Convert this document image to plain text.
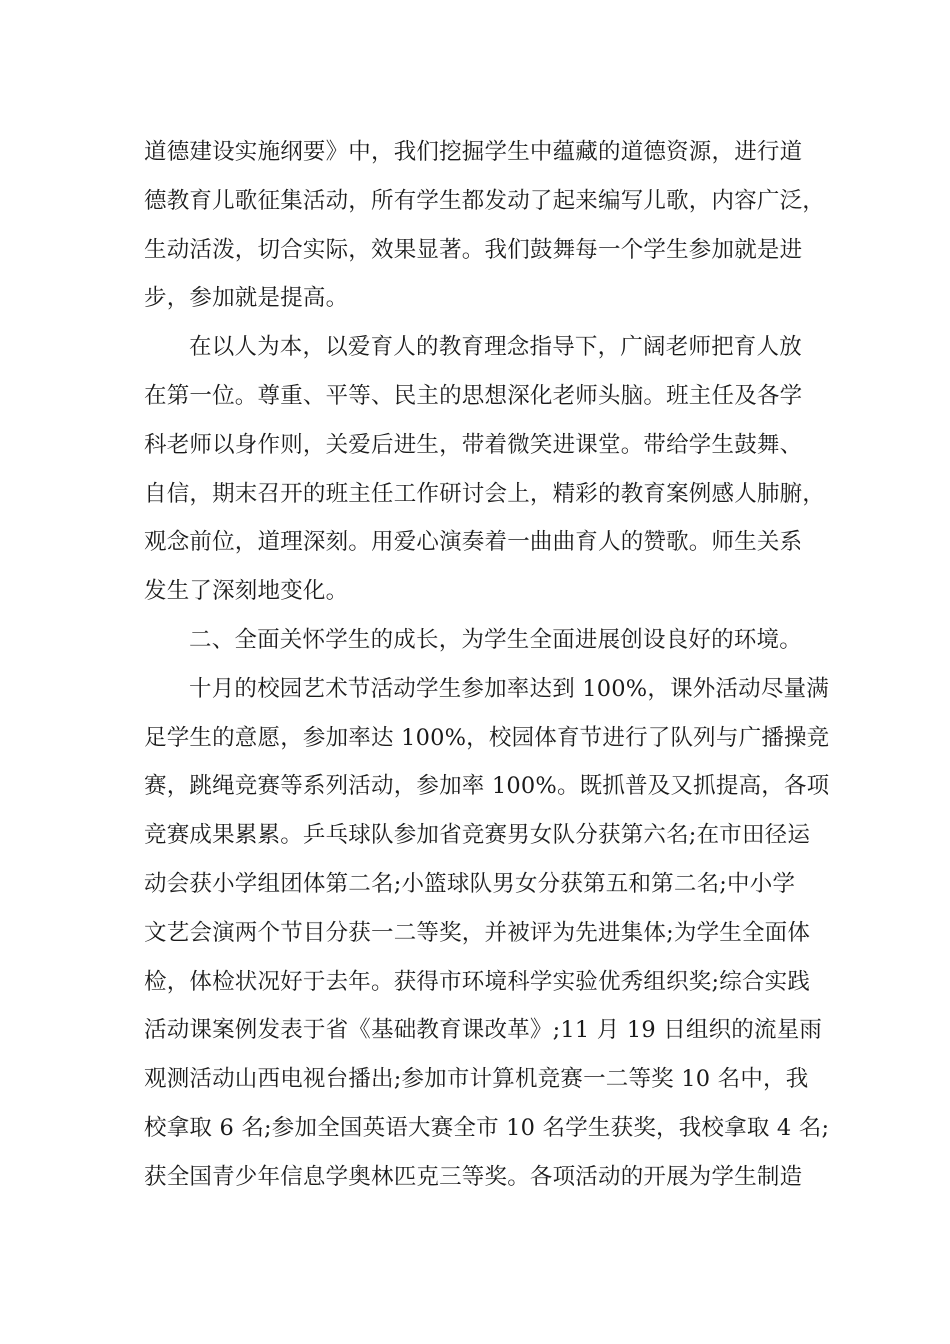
道德建设实施纲要》中，我们挖掘学生中蕴藏的道德资源，进行道
德教育儿歌征集活动，所有学生都发动了起来编写儿歌，内容广泛，
生动活泼，切合实际，效果显著。我们鼓舞每一个学生参加就是进
步，参加就是提高。
在以人为本，以爱育人的教育理念指导下，广阔老师把育人放
在第一位。尊重、平等、民主的思想深化老师头脑。班主任及各学
科老师以身作则，关爱后进生，带着微笑进课堂。带给学生鼓舞、
自信，期末召开的班主任工作研讨会上，精彩的教育案例感人肺腑，
观念前位，道理深刻。用爱心演奏着一曲曲育人的赞歌。师生关系
发生了深刻地变化。
二、全面关怀学生的成长，为学生全面进展创设良好的环境。
十月的校园艺术节活动学生参加率达到 100%，课外活动尽量满
足学生的意愿，参加率达 100%，校园体育节进行了队列与广播操竞
赛，跳绳竞赛等系列活动，参加率 100%。既抓普及又抓提高，各项
竞赛成果累累。乒乓球队参加省竞赛男女队分获第六名;在市田径运
动会获小学组团体第二名;小篮球队男女分获第五和第二名;中小学
文艺会演两个节目分获一二等奖，并被评为先进集体;为学生全面体
检，体检状况好于去年。获得市环境科学实验优秀组织奖;综合实践
活动课案例发表于省《基础教育课改革》;11 月 19 日组织的流星雨
观测活动山西电视台播出;参加市计算机竞赛一二等奖 10 名中，我
校拿取 6 名;参加全国英语大赛全市 10 名学生获奖，我校拿取 4 名;
获全国青少年信息学奥林匹克三等奖。各项活动的开展为学生制造
